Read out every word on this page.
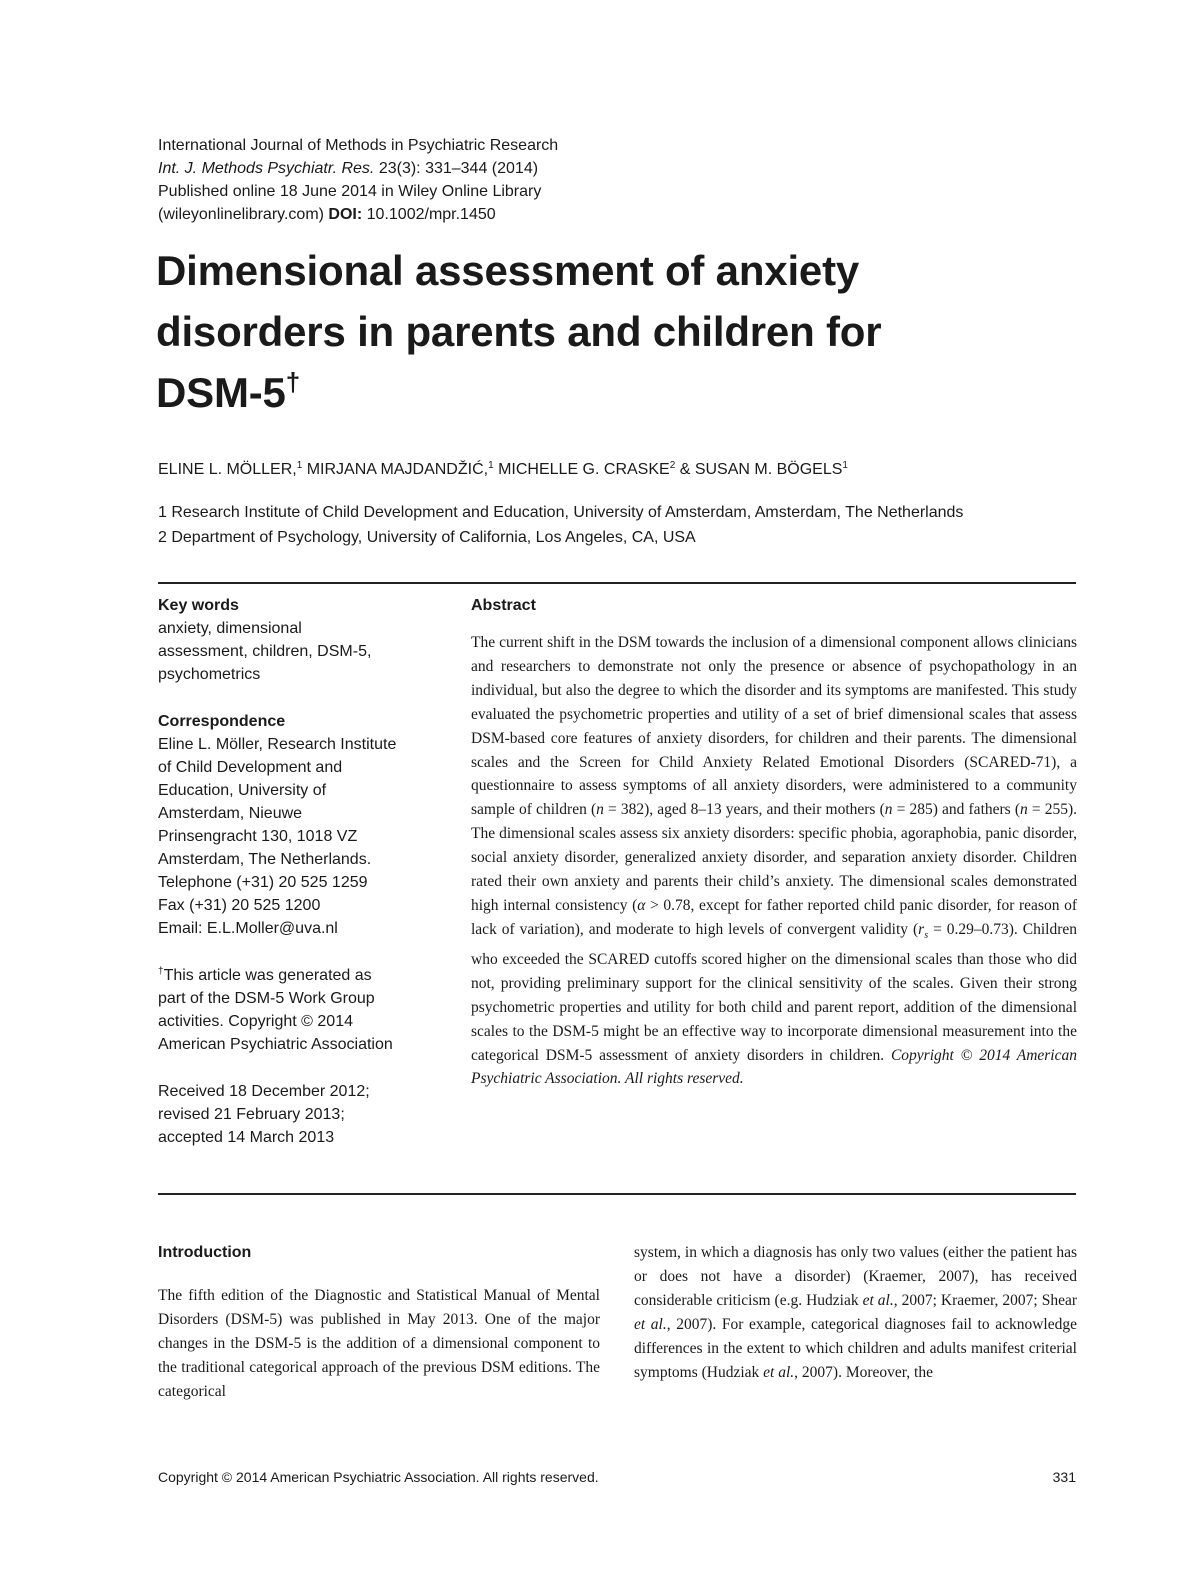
International Journal of Methods in Psychiatric Research
Int. J. Methods Psychiatr. Res. 23(3): 331–344 (2014)
Published online 18 June 2014 in Wiley Online Library
(wileyonlinelibrary.com) DOI: 10.1002/mpr.1450
Dimensional assessment of anxiety
disorders in parents and children for
DSM-5†
ELINE L. MÖLLER,$^1$ MIRJANA MAJDANDŽIĆ,$^1$ MICHELLE G. CRASKE$^2$ & SUSAN M. BÖGELS$^1$
1 Research Institute of Child Development and Education, University of Amsterdam, Amsterdam, The Netherlands
2 Department of Psychology, University of California, Los Angeles, CA, USA
Key words
anxiety, dimensional
assessment, children, DSM-5,
psychometrics
Correspondence
Eline L. Möller, Research Institute
of Child Development and
Education, University of
Amsterdam, Nieuwe
Prinsengracht 130, 1018 VZ
Amsterdam, The Netherlands.
Telephone (+31) 20 525 1259
Fax (+31) 20 525 1200
Email: E.L.Moller@uva.nl
†This article was generated as
part of the DSM-5 Work Group
activities. Copyright © 2014
American Psychiatric Association
Received 18 December 2012;
revised 21 February 2013;
accepted 14 March 2013
Abstract
The current shift in the DSM towards the inclusion of a dimensional component allows clinicians and researchers to demonstrate not only the presence or absence of psychopathology in an individual, but also the degree to which the disorder and its symptoms are manifested. This study evaluated the psychometric properties and utility of a set of brief dimensional scales that assess DSM-based core features of anxiety disorders, for children and their parents. The dimensional scales and the Screen for Child Anxiety Related Emotional Disorders (SCARED-71), a questionnaire to assess symptoms of all anxiety disorders, were administered to a community sample of children (n = 382), aged 8–13 years, and their mothers (n = 285) and fathers (n = 255). The dimensional scales assess six anxiety disorders: specific phobia, agoraphobia, panic disorder, social anxiety disorder, generalized anxiety disorder, and separation anxiety disorder. Children rated their own anxiety and parents their child’s anxiety. The dimensional scales demonstrated high internal consistency (α > 0.78, except for father reported child panic disorder, for reason of lack of variation), and moderate to high levels of convergent validity $(r_s = 0.29-0.73)$. Children who exceeded the SCARED cutoffs scored higher on the dimensional scales than those who did not, providing preliminary support for the clinical sensitivity of the scales. Given their strong psychometric properties and utility for both child and parent report, addition of the dimensional scales to the DSM-5 might be an effective way to incorporate dimensional measurement into the categorical DSM-5 assessment of anxiety disorders in children. Copyright © 2014 American Psychiatric Association. All rights reserved.
Introduction
The fifth edition of the Diagnostic and Statistical Manual of Mental Disorders (DSM-5) was published in May 2013. One of the major changes in the DSM-5 is the addition of a dimensional component to the traditional categorical approach of the previous DSM editions. The categorical
system, in which a diagnosis has only two values (either the patient has or does not have a disorder) (Kraemer, 2007), has received considerable criticism (e.g. Hudziak et al., 2007; Kraemer, 2007; Shear et al., 2007). For example, categorical diagnoses fail to acknowledge differences in the extent to which children and adults manifest criterial symptoms (Hudziak et al., 2007). Moreover, the
Copyright © 2014 American Psychiatric Association. All rights reserved.	331
